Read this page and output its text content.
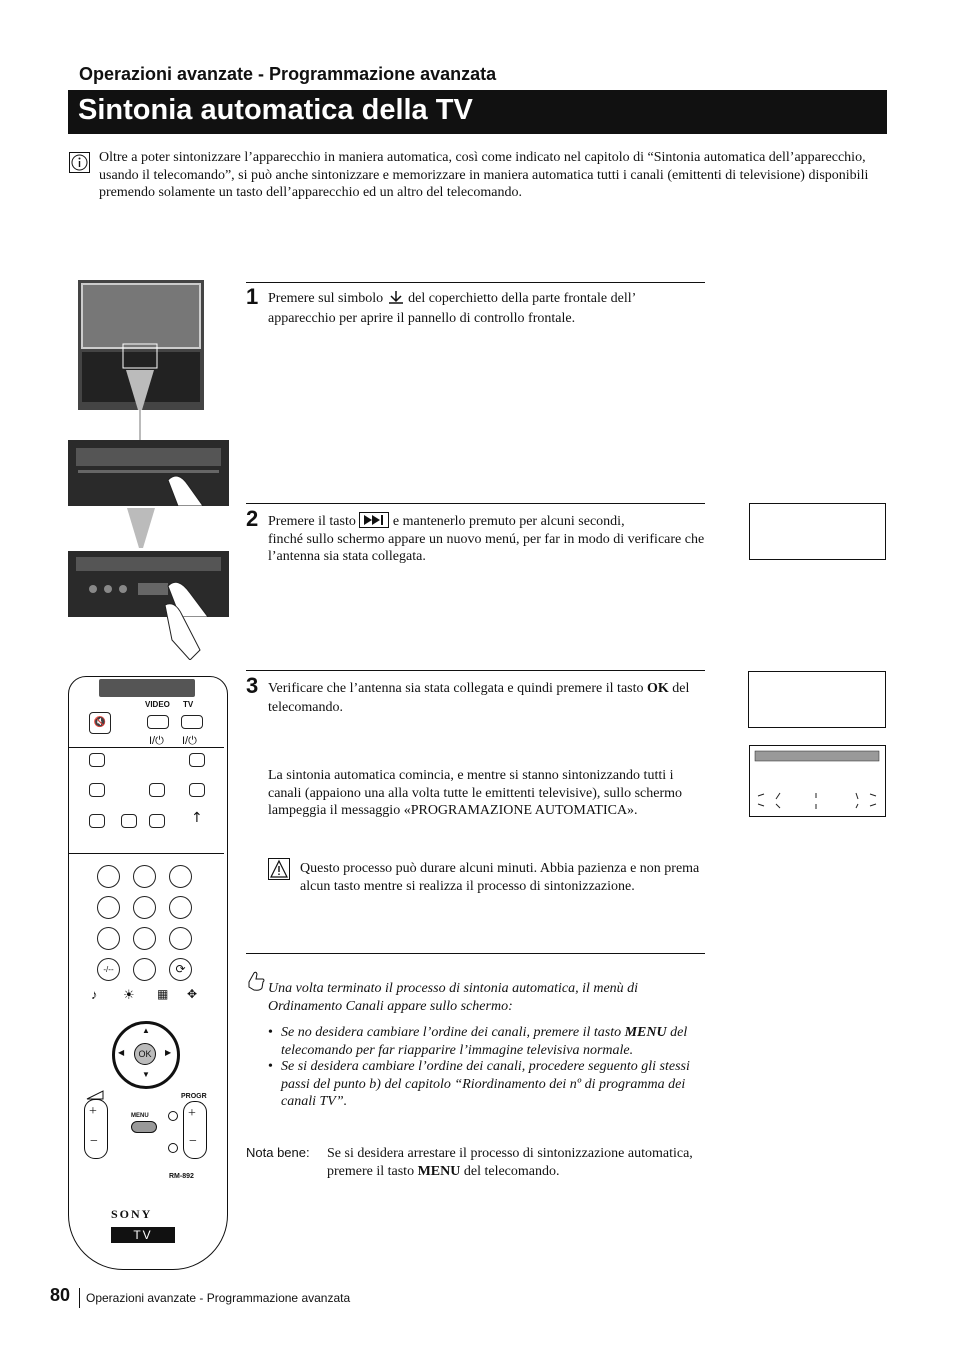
Operazioni avanzate - Programmazione avanzata
Sintonia automatica della TV
Oltre a poter sintonizzare l’apparecchio in maniera automatica, così come indicato nel capitolo di “Sintonia automatica dell’apparecchio, usando il telecomando”, si può anche sintonizzare e memorizzare in maniera automatica tutti i canali (emittenti di televisione) disponibili premendo solamente un tasto dell’apparecchio ed un altro del telecomando.
1 Premere sul simbolo del coperchietto della parte frontale dell’
apparecchio per aprire il pannello di controllo frontale.
2 Premere il tasto	e mantenerlo premuto per alcuni secondi,
finché sullo schermo appare un nuovo menú, per far in modo di verificare che l’antenna sia stata collegata.
3 Verificare che l’antenna sia stata collegata e quindi premere il tasto OK del telecomando.
La sintonia automatica comincia, e mentre si stanno sintonizzando tutti i canali (appaiono una alla volta tutte le emittenti televisive), sullo schermo lampeggia il messaggio «PROGRAMAZIONE AUTOMATICA».
Questo processo può durare alcuni minuti. Abbia pazienza e non prema alcun tasto mentre si realizza il processo di sintonizzazione.
Una volta terminato il processo di sintonia automatica, il menù di Ordinamento Canali appare sullo schermo:
• Se no desidera cambiare l’ordine dei canali, premere il tasto MENU del telecomando per far riapparire l’immagine televisiva normale.
• Se si desidera cambiare l’ordine dei canali, procedere seguento gli stessi passi del punto b) del capitolo “Riordinamento dei nº di programma dei canali TV”.
Nota bene: Se si desidera arrestare il processo di sintonizzazione automatica, premere il tasto MENU del telecomando.
VIDEO TV
🔇
I/⏻ I/⏻
↑
-/--	⟳
♪ ☀ ▦ ✥
▲
▼
◀	▶
OK
+
−
MENU
PROGR
+
−
RM-892
SONY
TV
80 Operazioni avanzate - Programmazione avanzata
